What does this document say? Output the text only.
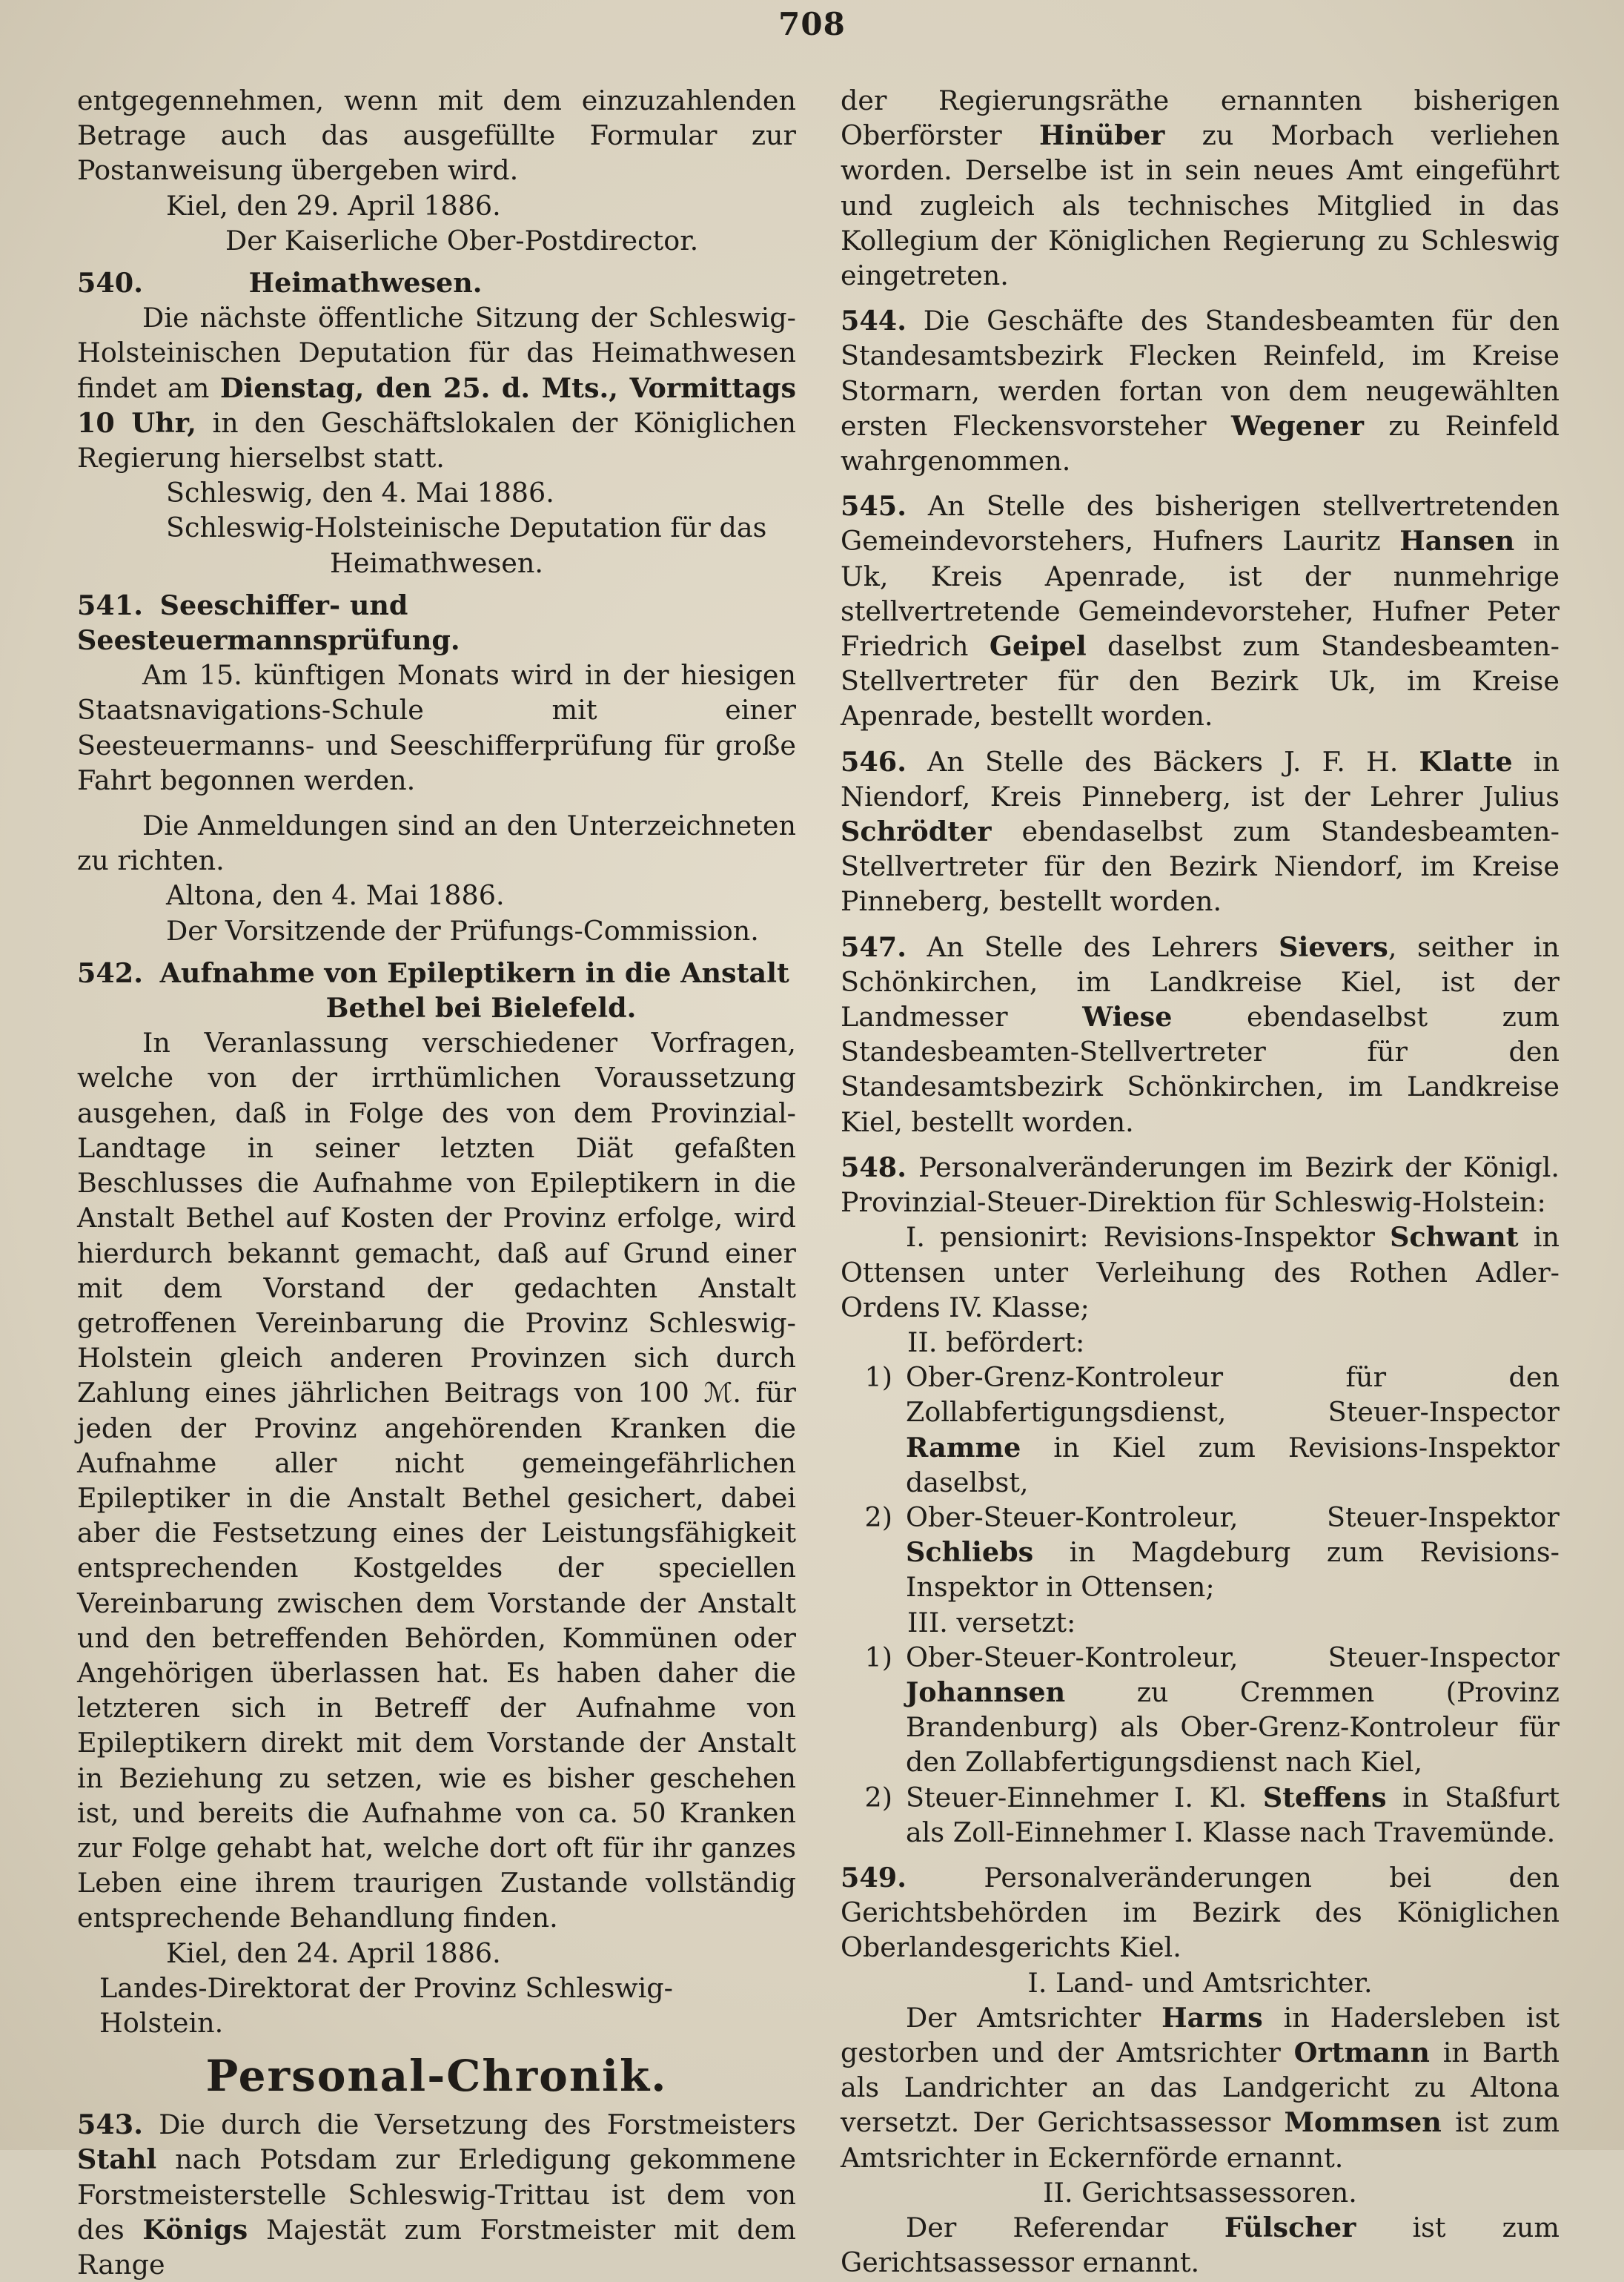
708

entgegennehmen, wenn mit dem einzuzahlenden Betrage auch das ausgefüllte Formular zur Postanweisung übergeben wird.

Kiel, den 29. April 1886.

Der Kaiserliche Ober-Postdirector.

540.	Heimathwesen.

Die nächste öffentliche Sitzung der Schleswig-Holsteinischen Deputation für das Heimathwesen findet am Dienstag, den 25. d. Mts., Vormittags 10 Uhr, in den Geschäftslokalen der Königlichen Regierung hierselbst statt.

Schleswig, den 4. Mai 1886.

Schleswig-Holsteinische Deputation für das

Heimathwesen.

541. Seeschiffer- und Seesteuermannsprüfung.

Am 15. künftigen Monats wird in der hiesigen Staatsnavigations-Schule mit einer Seesteuermanns- und Seeschifferprüfung für große Fahrt begonnen werden.

Die Anmeldungen sind an den Unterzeichneten zu richten.

Altona, den 4. Mai 1886.

Der Vorsitzende der Prüfungs-Commission.

542. Aufnahme von Epileptikern in die Anstalt

Bethel bei Bielefeld.

In Veranlassung verschiedener Vorfragen, welche von der irrthümlichen Voraussetzung ausgehen, daß in Folge des von dem Provinzial-Landtage in seiner letzten Diät gefaßten Beschlusses die Aufnahme von Epileptikern in die Anstalt Bethel auf Kosten der Provinz erfolge, wird hierdurch bekannt gemacht, daß auf Grund einer mit dem Vorstand der gedachten Anstalt getroffenen Vereinbarung die Provinz Schleswig-Holstein gleich anderen Provinzen sich durch Zahlung eines jährlichen Beitrags von 100 ℳ. für jeden der Provinz angehörenden Kranken die Aufnahme aller nicht gemeingefährlichen Epileptiker in die Anstalt Bethel gesichert, dabei aber die Festsetzung eines der Leistungsfähigkeit entsprechenden Kostgeldes der speciellen Vereinbarung zwischen dem Vorstande der Anstalt und den betreffenden Behörden, Kommünen oder Angehörigen überlassen hat. Es haben daher die letzteren sich in Betreff der Aufnahme von Epileptikern direkt mit dem Vorstande der Anstalt in Beziehung zu setzen, wie es bisher geschehen ist, und bereits die Aufnahme von ca. 50 Kranken zur Folge gehabt hat, welche dort oft für ihr ganzes Leben eine ihrem traurigen Zustande vollständig entsprechende Behandlung finden.

Kiel, den 24. April 1886.

Landes-Direktorat der Provinz Schleswig-Holstein.

Personal-Chronik.

543. Die durch die Versetzung des Forstmeisters Stahl nach Potsdam zur Erledigung gekommene Forstmeisterstelle Schleswig-Trittau ist dem von des Königs Majestät zum Forstmeister mit dem Range

der Regierungsräthe ernannten bisherigen Oberförster Hinüber zu Morbach verliehen worden. Derselbe ist in sein neues Amt eingeführt und zugleich als technisches Mitglied in das Kollegium der Königlichen Regierung zu Schleswig eingetreten.

544. Die Geschäfte des Standesbeamten für den Standesamtsbezirk Flecken Reinfeld, im Kreise Stormarn, werden fortan von dem neugewählten ersten Fleckensvorsteher Wegener zu Reinfeld wahrgenommen.

545. An Stelle des bisherigen stellvertretenden Gemeindevorstehers, Hufners Lauritz Hansen in Uk, Kreis Apenrade, ist der nunmehrige stellvertretende Gemeindevorsteher, Hufner Peter Friedrich Geipel daselbst zum Standesbeamten-Stellvertreter für den Bezirk Uk, im Kreise Apenrade, bestellt worden.

546. An Stelle des Bäckers J. F. H. Klatte in Niendorf, Kreis Pinneberg, ist der Lehrer Julius Schrödter ebendaselbst zum Standesbeamten-Stellvertreter für den Bezirk Niendorf, im Kreise Pinneberg, bestellt worden.

547. An Stelle des Lehrers Sievers, seither in Schönkirchen, im Landkreise Kiel, ist der Landmesser Wiese ebendaselbst zum Standesbeamten-Stellvertreter für den Standesamtsbezirk Schönkirchen, im Landkreise Kiel, bestellt worden.

548. Personalveränderungen im Bezirk der Königl. Provinzial-Steuer-Direktion für Schleswig-Holstein:

I. pensionirt: Revisions-Inspektor Schwant in Ottensen unter Verleihung des Rothen Adler-Ordens IV. Klasse;

II. befördert:

1) Ober-Grenz-Kontroleur für den Zollabfertigungsdienst, Steuer-Inspector Ramme in Kiel zum Revisions-Inspektor daselbst,
2) Ober-Steuer-Kontroleur, Steuer-Inspektor Schliebs in Magdeburg zum Revisions-Inspektor in Ottensen;

III. versetzt:

1) Ober-Steuer-Kontroleur, Steuer-Inspector Johannsen zu Cremmen (Provinz Brandenburg) als Ober-Grenz-Kontroleur für den Zollabfertigungsdienst nach Kiel,
2) Steuer-Einnehmer I. Kl. Steffens in Staßfurt als Zoll-Einnehmer I. Klasse nach Travemünde.

549.	Personalveränderungen bei den Gerichtsbehörden im Bezirk des Königlichen Oberlandesgerichts Kiel.

I. Land- und Amtsrichter.

Der Amtsrichter Harms in Hadersleben ist gestorben und der Amtsrichter Ortmann in Barth als Landrichter an das Landgericht zu Altona versetzt. Der Gerichtsassessor Mommsen ist zum Amtsrichter in Eckernförde ernannt.

II. Gerichtsassessoren.

Der Referendar Fülscher ist zum Gerichtsassessor ernannt.
